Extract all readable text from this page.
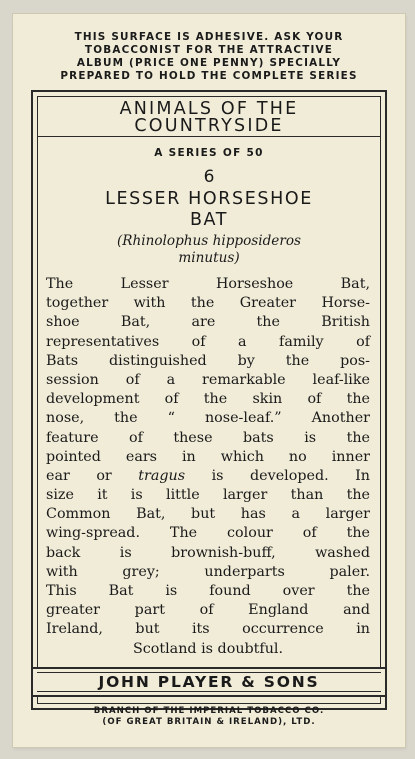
THIS SURFACE IS ADHESIVE. ASK YOUR
TOBACCONIST FOR THE ATTRACTIVE
ALBUM (PRICE ONE PENNY) SPECIALLY
PREPARED TO HOLD THE COMPLETE SERIES
ANIMALS OF THE
COUNTRYSIDE
A SERIES OF 50
6
LESSER HORSESHOE
BAT
(Rhinolophus hipposideros
minutus)
The Lesser Horseshoe Bat,
together with the Greater Horse-
shoe Bat, are the British
representatives of a family of
Bats distinguished by the pos-
session of a remarkable leaf-like
development of the skin of the
nose, the “ nose-leaf.” Another
feature of these bats is the
pointed ears in which no inner
ear or tragus is developed. In
size it is little larger than the
Common Bat, but has a larger
wing-spread. The colour of the
back is brownish-buff, washed
with grey; underparts paler.
This Bat is found over the
greater part of England and
Ireland, but its occurrence in
Scotland is doubtful.
JOHN PLAYER & SONS
BRANCH OF THE IMPERIAL TOBACCO CO.
(OF GREAT BRITAIN & IRELAND), LTD.
